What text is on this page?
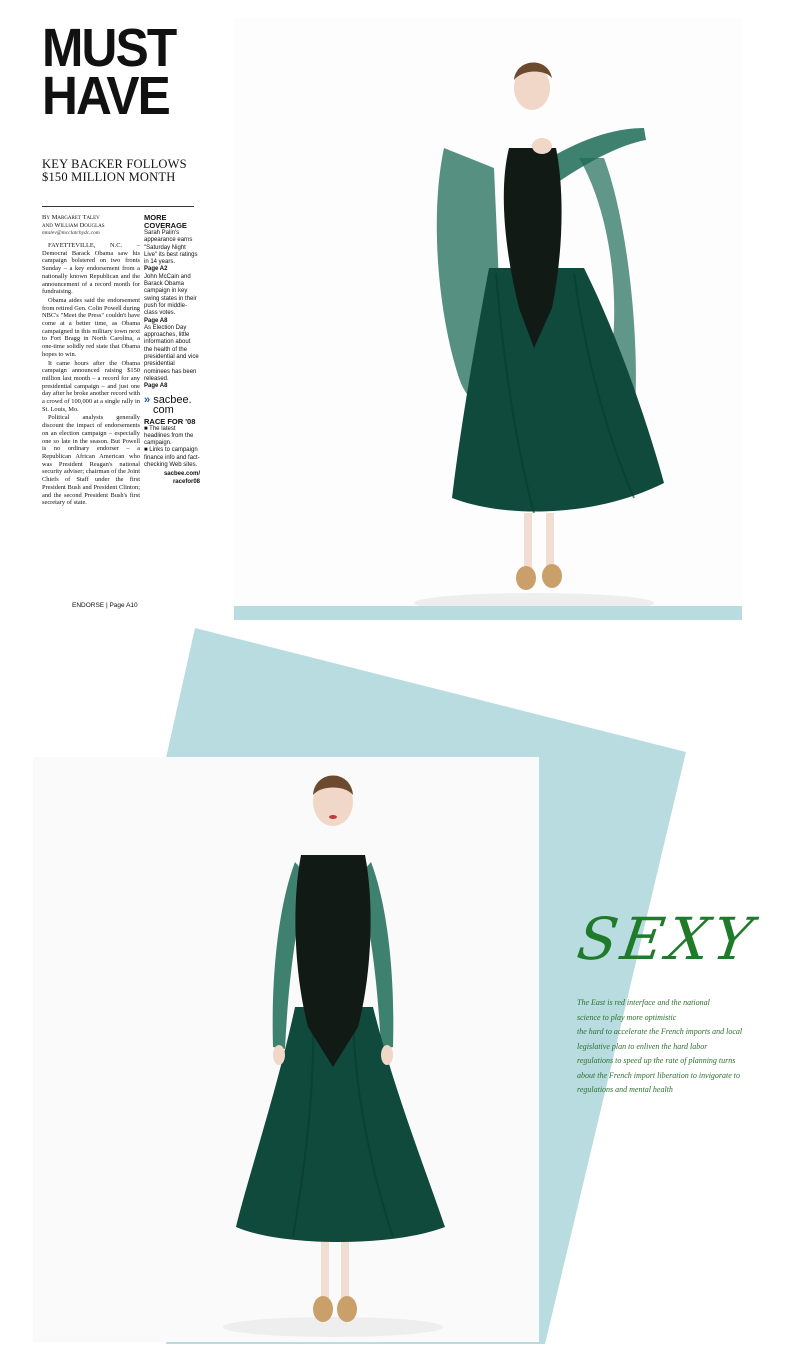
MUST
HAVE
KEY BACKER FOLLOWS
$150 MILLION MONTH
By Margaret Talev
and William Douglas
mtalev@mcclatchydc.com

FAYETTEVILLE, N.C. – Democrat Barack Obama saw his campaign bolstered on two fronts Sunday – a key endorsement from a nationally known Republican and the announcement of a record month for fundraising.

Obama aides said the endorsement from retired Gen. Colin Powell during NBC's "Meet the Press" couldn't have come at a better time, as Obama campaigned in this military town next to Fort Bragg in North Carolina, a one-time solidly red state that Obama hopes to win.

It came hours after the Obama campaign announced raising $150 million last month – a record for any presidential campaign – and just one day after he broke another record with a crowd of 100,000 at a single rally in St. Louis, Mo.

Political analysts generally discount the impact of endorsements on an election campaign – especially one so late in the season. But Powell is no ordinary endorser – a Republican African American who was President Reagan's national security adviser; chairman of the Joint Chiefs of Staff under the first President Bush and President Clinton; and the second President Bush's first secretary of state.

ENDORSE | Page A10
MORE
COVERAGE
Sarah Palin's appearance earns "Saturday Night Live" its best ratings in 14 years.
Page A2
John McCain and Barack Obama campaign in key swing states in their push for middle-class votes.
Page A8
As Election Day approaches, little information about the health of the presidential and vice presidential nominees has been released.
Page A8
» sacbee.
com
RACE FOR '08
■ The latest headlines from the campaign.
■ Links to campaign finance info and fact-checking Web sites.
sacbee.com/
racefor08
SEXY
The East is red interface and the national
science to play more optimistic
the hard to accelerate the French imports and local
legislative plan to enliven the hard labor
regulations to speed up the rate of planning turns
about the French import liberation to invigorate to
regulations and mental health
